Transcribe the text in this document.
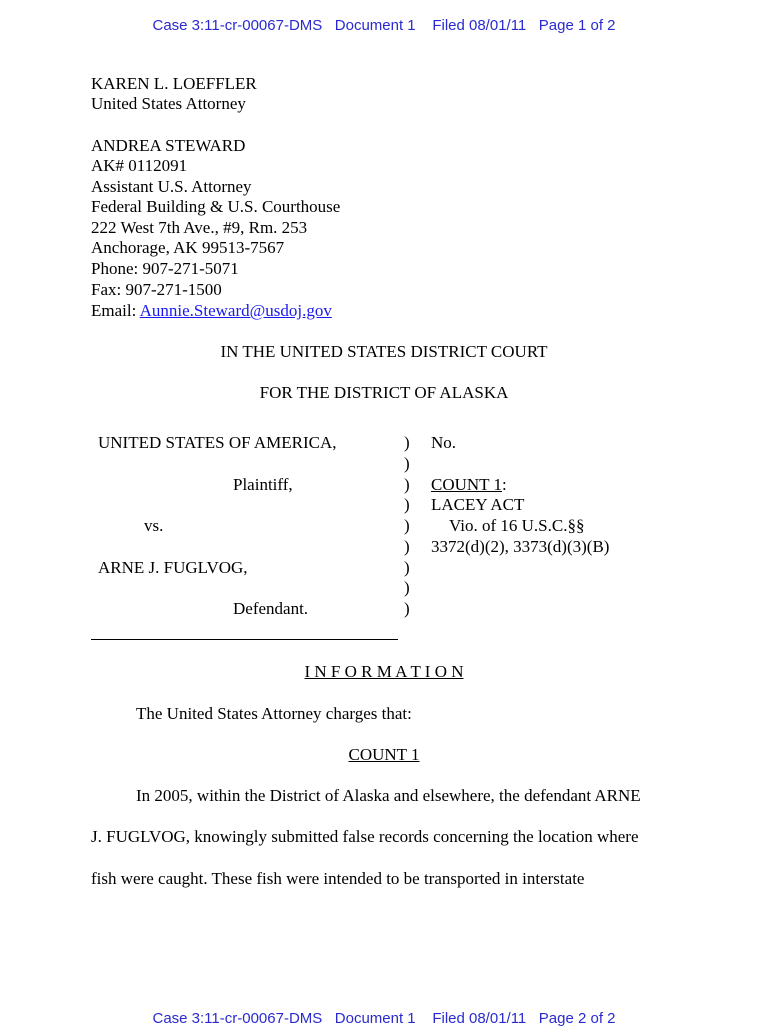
Case 3:11-cr-00067-DMS   Document 1    Filed 08/01/11   Page 1 of 2
KAREN L. LOEFFLER
United States Attorney
ANDREA STEWARD
AK# 0112091
Assistant U.S. Attorney
Federal Building & U.S. Courthouse
222 West 7th Ave., #9, Rm. 253
Anchorage, AK 99513-7567
Phone: 907-271-5071
Fax: 907-271-1500
Email: Aunnie.Steward@usdoj.gov
IN THE UNITED STATES DISTRICT COURT
FOR THE DISTRICT OF ALASKA
UNITED STATES OF AMERICA,
Plaintiff,
vs.
ARNE J. FUGLVOG,
Defendant.
)
)
)
)
)
)
)
)
)
No.
COUNT 1:
LACEY ACT
Vio. of 16 U.S.C.§§
3372(d)(2), 3373(d)(3)(B)
I N F O R M A T I O N
The United States Attorney charges that:
COUNT 1
In 2005, within the District of Alaska and elsewhere, the defendant ARNE
J. FUGLVOG, knowingly submitted false records concerning the location where
fish were caught. These fish were intended to be transported in interstate
Case 3:11-cr-00067-DMS   Document 1    Filed 08/01/11   Page 2 of 2
